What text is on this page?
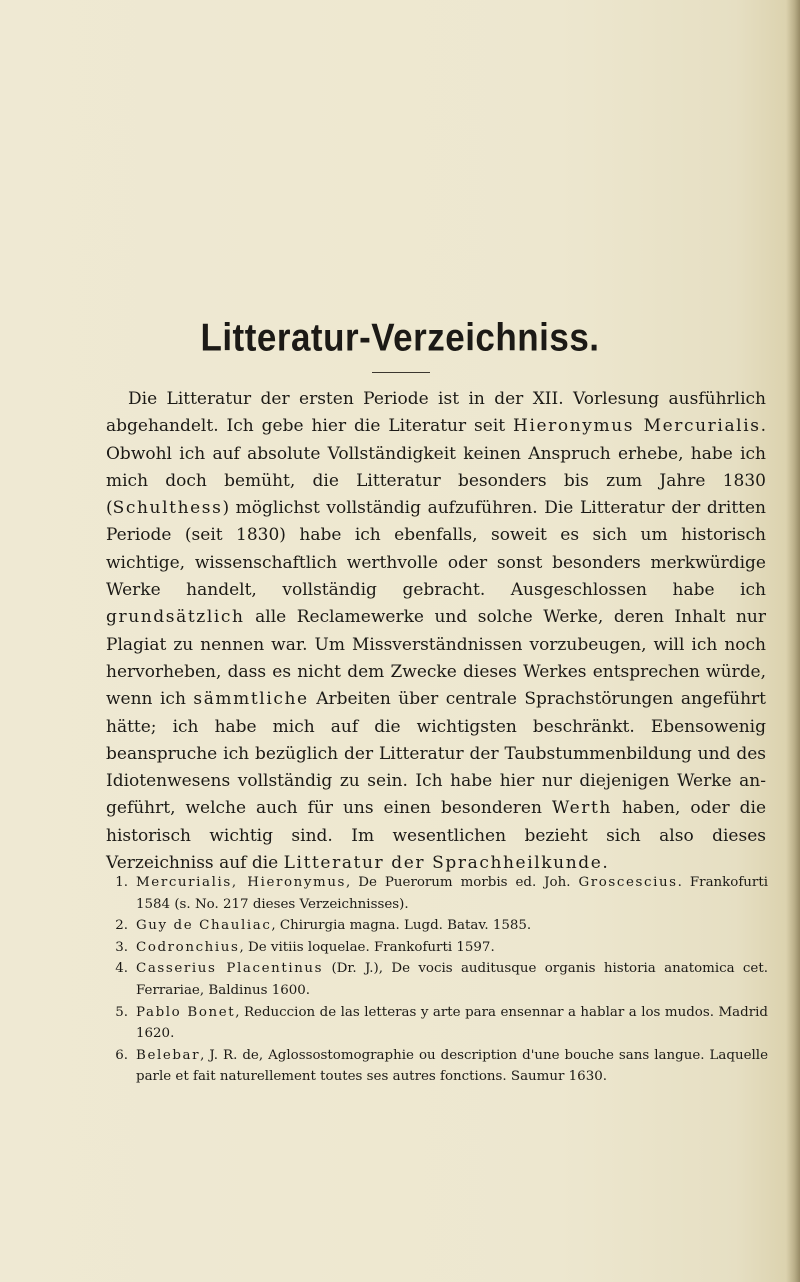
Litteratur-Verzeichniss.

Die Litteratur der ersten Periode ist in der XII. Vorlesung ausführlich abgehandelt. Ich gebe hier die Literatur seit Hieronymus Mercurialis. Obwohl ich auf absolute Vollständigkeit keinen Anspruch erhebe, habe ich mich doch bemüht, die Litteratur besonders bis zum Jahre 1830 (Schulthess) möglichst vollständig aufzuführen. Die Litteratur der dritten Periode (seit 1830) habe ich ebenfalls, soweit es sich um historisch wichtige, wissenschaftlich werthvolle oder sonst besonders merkwürdige Werke handelt, vollständig gebracht. Ausgeschlossen habe ich grundsätzlich alle Reclamewerke und solche Werke, deren Inhalt nur Plagiat zu nennen war. Um Missverständnissen vorzubeugen, will ich noch hervorheben, dass es nicht dem Zwecke dieses Werkes entsprechen würde, wenn ich sämmtliche Arbeiten über centrale Sprachstörungen angeführt hätte; ich habe mich auf die wichtigsten beschränkt. Ebensowenig beanspruche ich bezüglich der Litteratur der Taubstummenbildung und des Idiotenwesens vollständig zu sein. Ich habe hier nur diejenigen Werke angeführt, welche auch für uns einen besonderen Werth haben, oder die historisch wichtig sind. Im wesentlichen bezieht sich also dieses Verzeichniss auf die Litteratur der Sprachheilkunde.

1. Mercurialis, Hieronymus, De Puerorum morbis ed. Joh. Groscescius. Frankofurti 1584 (s. No. 217 dieses Verzeichnisses).
2. Guy de Chauliac, Chirurgia magna. Lugd. Batav. 1585.
3. Codronchius, De vitiis loquelae. Frankofurti 1597.
4. Casserius Placentinus (Dr. J.), De vocis auditusque organis historia anatomica cet. Ferrariae, Baldinus 1600.
5. Pablo Bonet, Reduccion de las letteras y arte para ensennar a hablar a los mudos. Madrid 1620.
6. Belebar, J. R. de, Aglossostomographie ou description d'une bouche sans langue. Laquelle parle et fait naturellement toutes ses autres fonctions. Saumur 1630.
